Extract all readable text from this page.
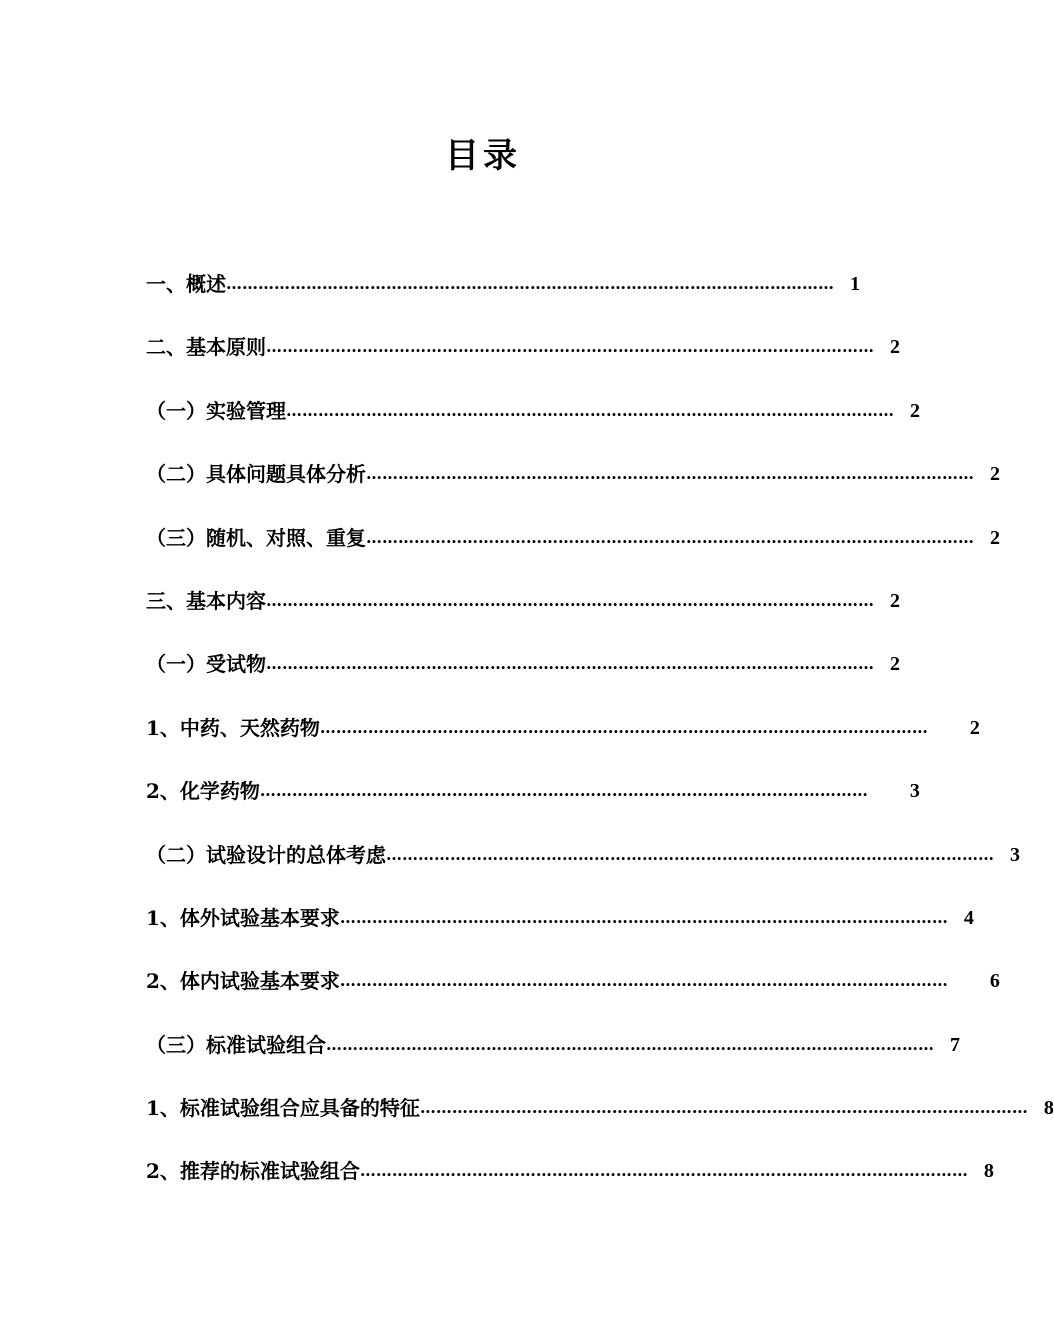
目录
一、概述 …………………………………………………………………………………………………… 1
二、基本原则 …………………………………………………………………………………………………… 2
（一）实验管理 …………………………………………………………………………………………………… 2
（二）具体问题具体分析 …………………………………………………………………………………………………… 2
（三）随机、对照、重复 …………………………………………………………………………………………………… 2
三、基本内容 …………………………………………………………………………………………………… 2
（一）受试物 …………………………………………………………………………………………………… 2
1、中药、天然药物 ……………………………………………………………………………………………………	2
2、化学药物 ……………………………………………………………………………………………………	3
（二）试验设计的总体考虑 …………………………………………………………………………………………………… 3
1、体外试验基本要求 …………………………………………………………………………………………………… 4
2、体内试验基本要求 ……………………………………………………………………………………………………	6
（三）标准试验组合 …………………………………………………………………………………………………… 7
1、标准试验组合应具备的特征 …………………………………………………………………………………………………… 8
2、推荐的标准试验组合 …………………………………………………………………………………………………… 8
